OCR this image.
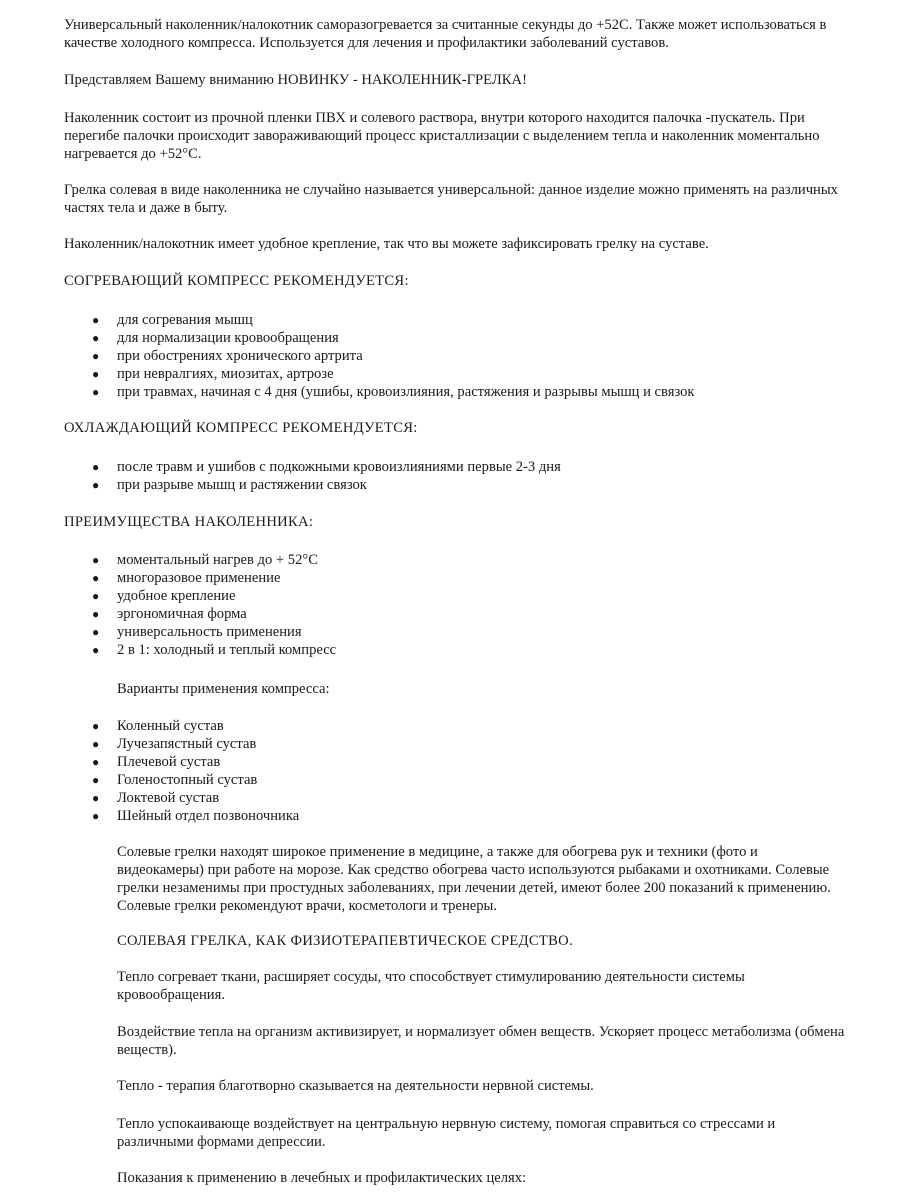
Универсальный наколенник/налокотник саморазогревается за считанные секунды до +52С. Также может использоваться в качестве холодного компресса. Используется для лечения и профилактики заболеваний суставов.

Представляем Вашему вниманию НОВИНКУ - НАКОЛЕННИК-ГРЕЛКА!

Наколенник состоит из прочной пленки ПВХ и солевого раствора, внутри которого находится палочка -пускатель. При перегибе палочки происходит завораживающий процесс кристаллизации с выделением тепла и наколенник моментально нагревается до +52°С.

Грелка солевая в виде наколенника не случайно называется универсальной: данное изделие можно применять на различных частях тела и даже в быту.

Наколенник/налокотник имеет удобное крепление, так что вы можете зафиксировать грелку на суставе.

СОГРЕВАЮЩИЙ КОМПРЕСС РЕКОМЕНДУЕТСЯ:

● для согревания мышц
● для нормализации кровообращения
● при обострениях хронического артрита
● при невралгиях, миозитах, артрозе
● при травмах, начиная с 4 дня (ушибы, кровоизлияния, растяжения и разрывы мышц и связок

ОХЛАЖДАЮЩИЙ КОМПРЕСС РЕКОМЕНДУЕТСЯ:

● после травм и ушибов с подкожными кровоизлияниями первые 2-3 дня
● при разрыве мышц и растяжении связок

ПРЕИМУЩЕСТВА НАКОЛЕННИКА:

● моментальный нагрев до + 52°С
● многоразовое применение
● удобное крепление
● эргономичная форма
● универсальность применения
● 2 в 1: холодный и теплый компресс

Варианты применения компресса:

● Коленный сустав
● Лучезапястный сустав
● Плечевой сустав
● Голеностопный сустав
● Локтевой сустав
● Шейный отдел позвоночника

Солевые грелки находят широкое применение в медицине, а также для обогрева рук и техники (фото и видеокамеры) при работе на морозе. Как средство обогрева часто используются рыбаками и охотниками. Солевые грелки незаменимы при простудных заболеваниях, при лечении детей, имеют более 200 показаний к применению. Солевые грелки рекомендуют врачи, косметологи и тренеры.

СОЛЕВАЯ ГРЕЛКА, КАК ФИЗИОТЕРАПЕВТИЧЕСКОЕ СРЕДСТВО.

Тепло согревает ткани, расширяет сосуды, что способствует стимулированию деятельности системы кровообращения.

Воздействие тепла на организм активизирует, и нормализует обмен веществ. Ускоряет процесс метаболизма (обмена веществ).

Тепло - терапия благотворно сказывается на деятельности нервной системы.

Тепло успокаивающе воздействует на центральную нервную систему, помогая справиться со стрессами и различными формами депрессии.

Показания к применению в лечебных и профилактических целях:
